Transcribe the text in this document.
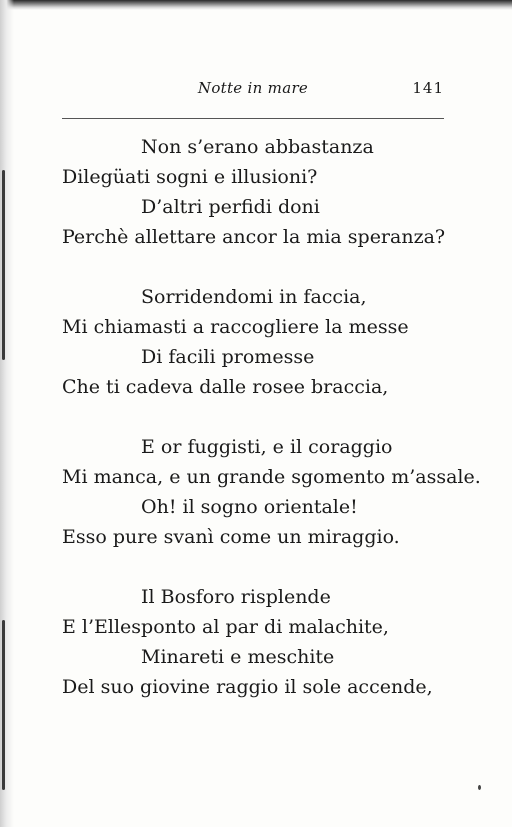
Notte in mare	141
Non s’erano abbastanza
Dilegüati sogni e illusioni?
D’altri perfidi doni
Perchè allettare ancor la mia speranza?
Sorridendomi in faccia,
Mi chiamasti a raccogliere la messe
Di facili promesse
Che ti cadeva dalle rosee braccia,
E or fuggisti, e il coraggio
Mi manca, e un grande sgomento m’assale.
Oh! il sogno orientale!
Esso pure svanì come un miraggio.
Il Bosforo risplende
E l’Ellesponto al par di malachite,
Minareti e meschite
Del suo giovine raggio il sole accende,
